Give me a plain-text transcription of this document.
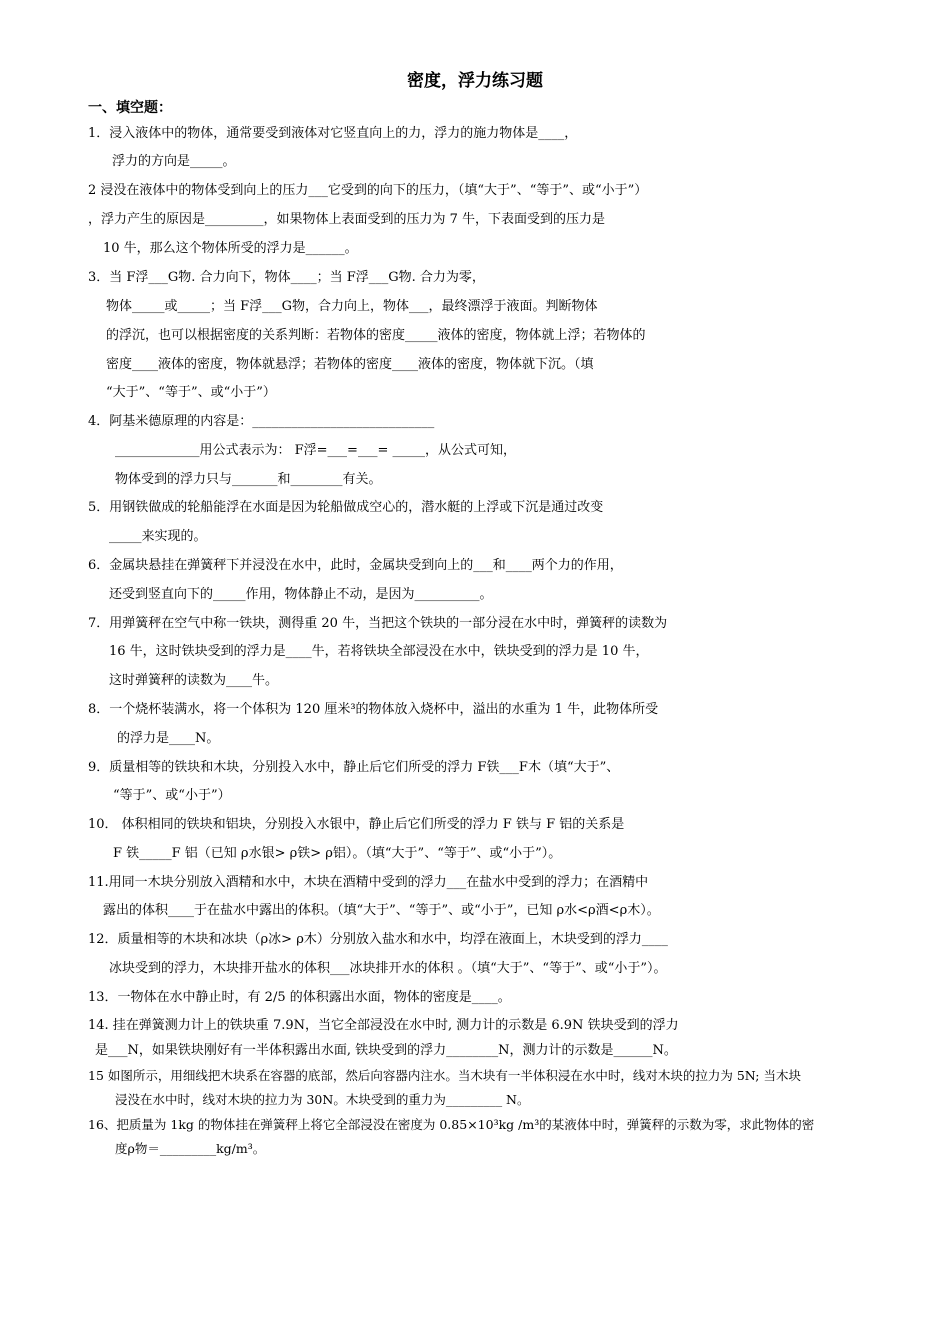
密度，浮力练习题
一、填空题：
1．浸入液体中的物体，通常要受到液体对它竖直向上的力，浮力的施力物体是____，
浮力的方向是_____。
2 浸没在液体中的物体受到向上的压力___它受到的向下的压力，（填“大于”、“等于”、或“小于”）
，浮力产生的原因是_________，如果物体上表面受到的压力为 7 牛，下表面受到的压力是
10 牛，那么这个物体所受的浮力是______。
3．当 F浮___G物. 合力向下，物体____；当 F浮___G物. 合力为零，
物体_____或_____；当 F浮___G物，合力向上，物体___，最终漂浮于液面。判断物体
的浮沉，也可以根据密度的关系判断：若物体的密度_____液体的密度，物体就上浮；若物体的
密度____液体的密度，物体就悬浮；若物体的密度____液体的密度，物体就下沉。（填
“大于”、“等于”、或“小于”）
4．阿基米德原理的内容是：____________________________
_____________用公式表示为： F浮=___=___= _____，从公式可知，
物体受到的浮力只与_______和________有关。
5．用钢铁做成的轮船能浮在水面是因为轮船做成空心的，潜水艇的上浮或下沉是通过改变
_____来实现的。
6．金属块悬挂在弹簧秤下并浸没在水中，此时，金属块受到向上的___和____两个力的作用，
还受到竖直向下的_____作用，物体静止不动，是因为__________。
7．用弹簧秤在空气中称一铁块，测得重 20 牛，当把这个铁块的一部分浸在水中时，弹簧秤的读数为
16 牛，这时铁块受到的浮力是____牛，若将铁块全部浸没在水中，铁块受到的浮力是 10 牛，
这时弹簧秤的读数为____牛。
8．一个烧杯装满水，将一个体积为 120 厘米³的物体放入烧杯中，溢出的水重为 1 牛，此物体所受
的浮力是____N。
9．质量相等的铁块和木块，分别投入水中，静止后它们所受的浮力 F铁___F木（填“大于”、
“等于”、或“小于”）
10． 体积相同的铁块和铝块，分别投入水银中，静止后它们所受的浮力 F 铁与 F 铝的关系是
F 铁_____F 铝（已知 ρ水银> ρ铁> ρ铝）。（填“大于”、“等于”、或“小于”）。
11.用同一木块分别放入酒精和水中，木块在酒精中受到的浮力___在盐水中受到的浮力；在酒精中
露出的体积____于在盐水中露出的体积。（填“大于”、“等于”、或“小于”，已知 ρ水<ρ酒<ρ木）。
12．质量相等的木块和冰块（ρ冰> ρ木）分别放入盐水和水中，均浮在液面上，木块受到的浮力____
冰块受到的浮力，木块排开盐水的体积___冰块排开水的体积 。（填“大于”、“等于”、或“小于”）。
13．一物体在水中静止时，有 2/5 的体积露出水面，物体的密度是____。
14. 挂在弹簧测力计上的铁块重 7.9N，当它全部浸没在水中时, 测力计的示数是 6.9N 铁块受到的浮力
是___N，如果铁块刚好有一半体积露出水面, 铁块受到的浮力________N，测力计的示数是______N。
15 如图所示，用细线把木块系在容器的底部，然后向容器内注水。当木块有一半体积浸在水中时，线对木块的拉力为 5N; 当木块
浸没在水中时，线对木块的拉力为 30N。木块受到的重力为_________ N。
16、把质量为 1kg 的物体挂在弹簧秤上将它全部浸没在密度为 0.85×10³kg /m³的某液体中时，弹簧秤的示数为零，求此物体的密
度ρ物＝_________kg/m³。
